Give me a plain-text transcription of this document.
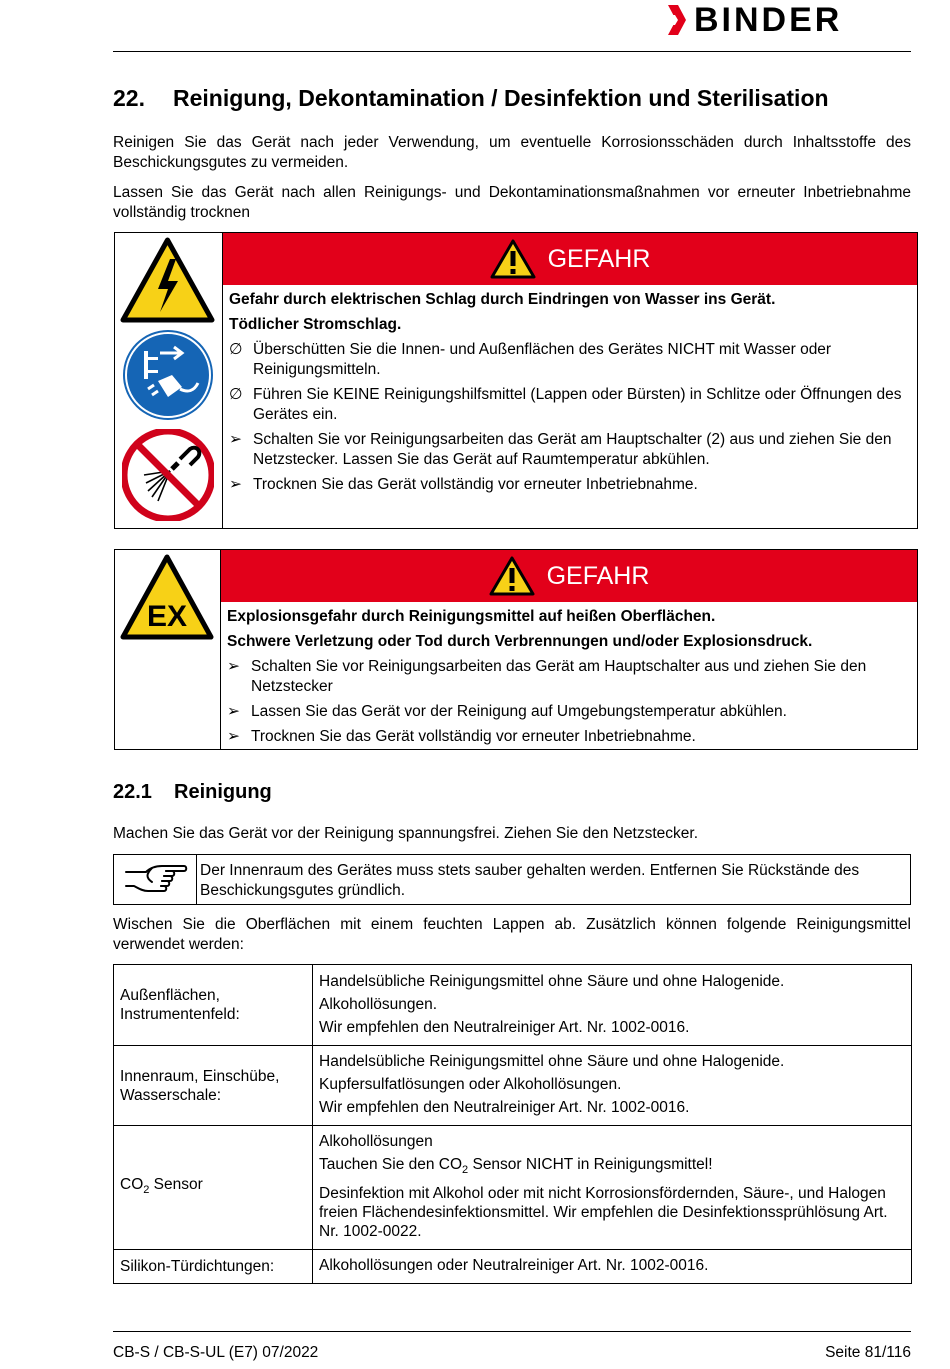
BINDER
22. Reinigung, Dekontamination / Desinfektion und Sterilisation

Reinigen Sie das Gerät nach jeder Verwendung, um eventuelle Korrosionsschäden durch Inhaltsstoffe des Beschickungsgutes zu vermeiden.

Lassen Sie das Gerät nach allen Reinigungs- und Dekontaminationsmaßnahmen vor erneuter Inbetriebnahme vollständig trocknen

GEFAHR
Gefahr durch elektrischen Schlag durch Eindringen von Wasser ins Gerät.
Tödlicher Stromschlag.
∅ Überschütten Sie die Innen- und Außenflächen des Gerätes NICHT mit Wasser oder Reinigungsmitteln.
∅ Führen Sie KEINE Reinigungshilfsmittel (Lappen oder Bürsten) in Schlitze oder Öffnungen des Gerätes ein.
➢ Schalten Sie vor Reinigungsarbeiten das Gerät am Hauptschalter (2) aus und ziehen Sie den Netzstecker. Lassen Sie das Gerät auf Raumtemperatur abkühlen.
➢ Trocknen Sie das Gerät vollständig vor erneuter Inbetriebnahme.
EX
GEFAHR
Explosionsgefahr durch Reinigungsmittel auf heißen Oberflächen.
Schwere Verletzung oder Tod durch Verbrennungen und/oder Explosionsdruck.
➢ Schalten Sie vor Reinigungsarbeiten das Gerät am Hauptschalter aus und ziehen Sie den Netzstecker
➢ Lassen Sie das Gerät vor der Reinigung auf Umgebungstemperatur abkühlen.
➢ Trocknen Sie das Gerät vollständig vor erneuter Inbetriebnahme.
22.1 Reinigung

Machen Sie das Gerät vor der Reinigung spannungsfrei. Ziehen Sie den Netzstecker.

Der Innenraum des Gerätes muss stets sauber gehalten werden. Entfernen Sie Rückstände des Beschickungsgutes gründlich.

Wischen Sie die Oberflächen mit einem feuchten Lappen ab. Zusätzlich können folgende Reinigungsmittel verwendet werden:

Außenflächen, Instrumentenfeld:	Handelsübliche Reinigungsmittel ohne Säure und ohne Halogenide.
Alkohollösungen.
Wir empfehlen den Neutralreiniger Art. Nr. 1002-0016.

Innenraum, Einschübe, Wasserschale:	Handelsübliche Reinigungsmittel ohne Säure und ohne Halogenide.
Kupfersulfatlösungen oder Alkohollösungen.
Wir empfehlen den Neutralreiniger Art. Nr. 1002-0016.

$CO_2$ Sensor	Alkohollösungen
Tauchen Sie den $CO_2$ Sensor NICHT in Reinigungsmittel!
Desinfektion mit Alkohol oder mit nicht Korrosionsfördernden, Säure-, und Halogen freien Flächendesinfektionsmittel. Wir empfehlen die Desinfektionssprühlösung Art. Nr. 1002-0022.

Silikon-Türdichtungen:	Alkohollösungen oder Neutralreiniger Art. Nr. 1002-0016.
CB-S / CB-S-UL (E7) 07/2022	Seite 81/116
